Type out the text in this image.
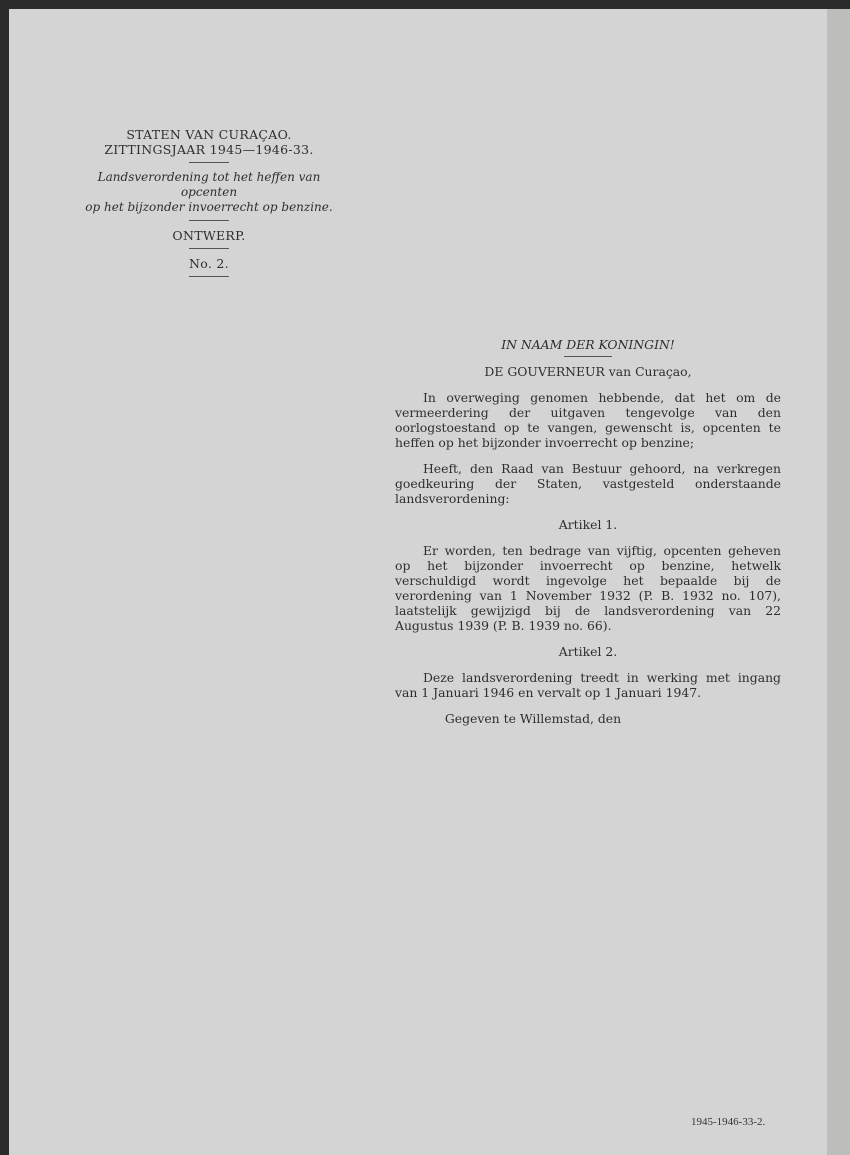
STATEN VAN CURAÇAO.
ZITTINGSJAAR 1945—1946-33.
Landsverordening tot het heffen van opcenten
op het bijzonder invoerrecht op benzine.
ONTWERP.
No. 2.
IN NAAM DER KONINGIN!
DE GOUVERNEUR van Curaçao,

In overweging genomen hebbende, dat het om de vermeerdering der uitgaven tengevolge van den oorlogstoestand op te vangen, gewenscht is, opcenten te heffen op het bijzonder invoerrecht op benzine;

Heeft, den Raad van Bestuur gehoord, na verkregen goedkeuring der Staten, vastgesteld onderstaande landsverordening:

Artikel 1.

Er worden, ten bedrage van vijftig, opcenten geheven op het bijzonder invoerrecht op benzine, hetwelk verschuldigd wordt ingevolge het bepaalde bij de verordening van 1 November 1932 (P. B. 1932 no. 107), laatstelijk gewijzigd bij de landsverordening van 22 Augustus 1939 (P. B. 1939 no. 66).

Artikel 2.

Deze landsverordening treedt in werking met ingang van 1 Januari 1946 en vervalt op 1 Januari 1947.

Gegeven te Willemstad, den
1945-1946-33-2.
